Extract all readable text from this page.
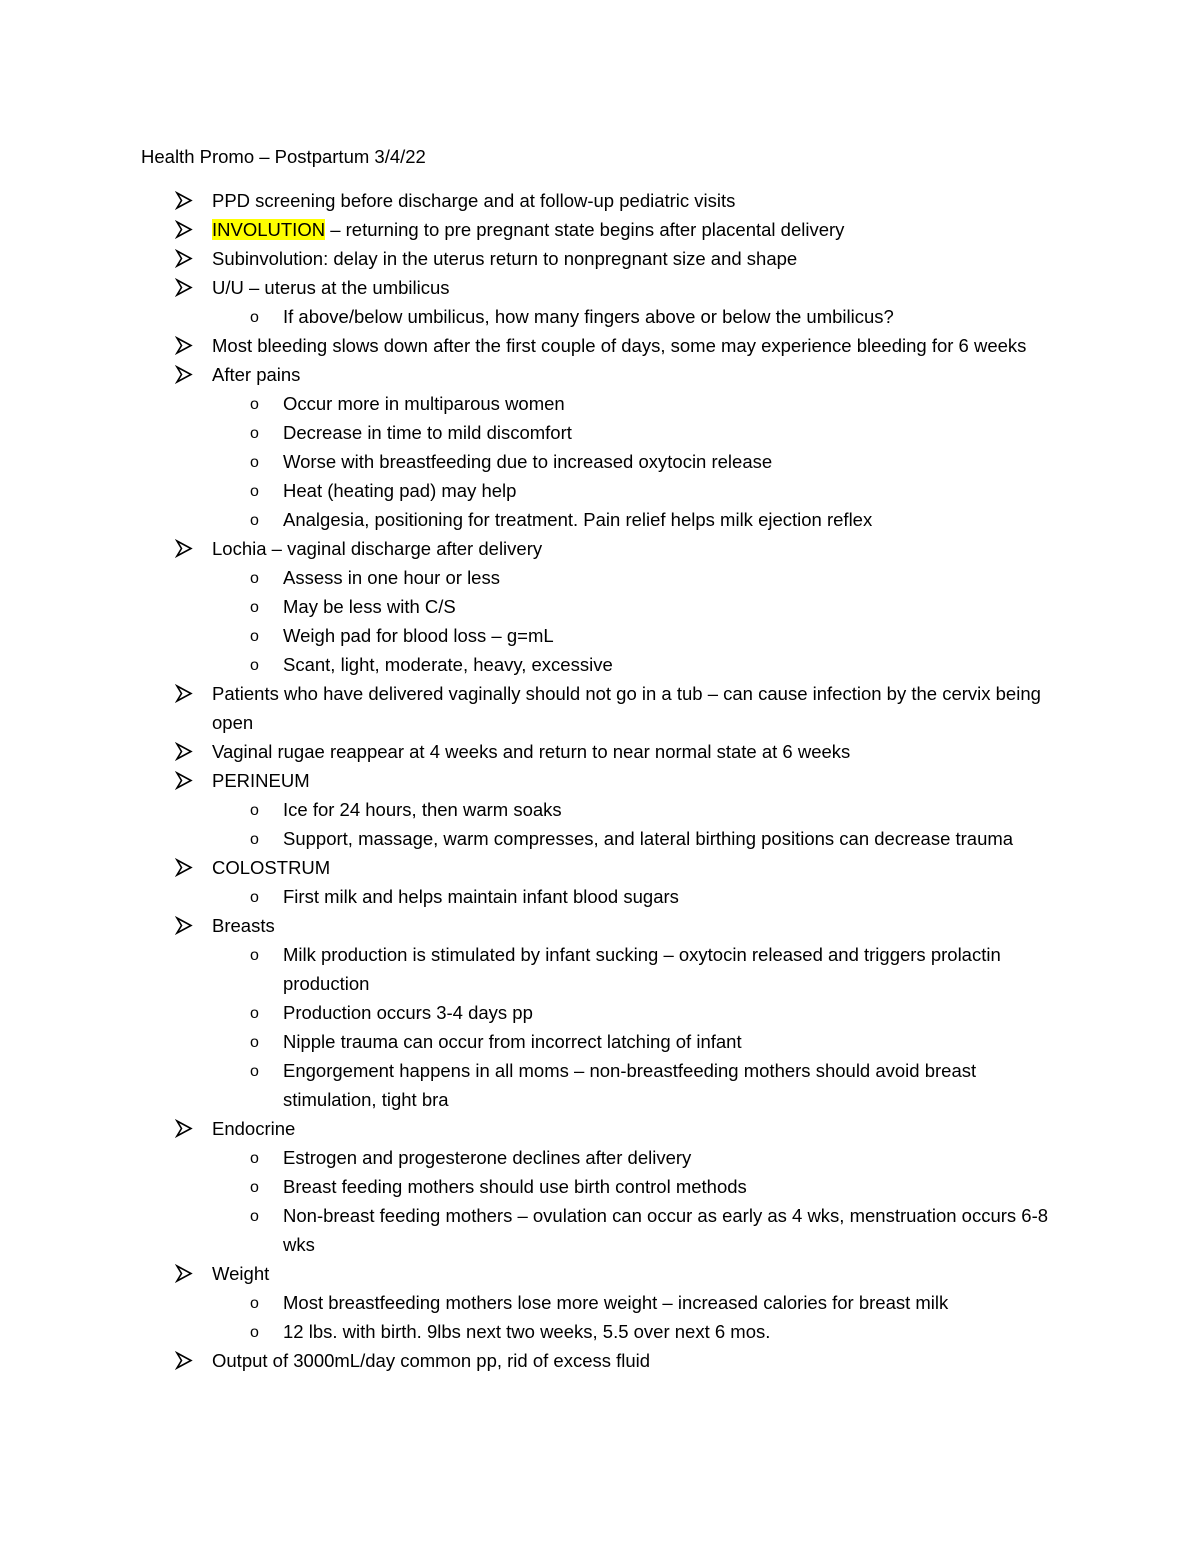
Health Promo – Postpartum 3/4/22
PPD screening before discharge and at follow-up pediatric visits
INVOLUTION – returning to pre pregnant state begins after placental delivery
Subinvolution: delay in the uterus return to nonpregnant size and shape
U/U – uterus at the umbilicus
o If above/below umbilicus, how many fingers above or below the umbilicus?
Most bleeding slows down after the first couple of days, some may experience bleeding for 6 weeks
After pains
o Occur more in multiparous women
o Decrease in time to mild discomfort
o Worse with breastfeeding due to increased oxytocin release
o Heat (heating pad) may help
o Analgesia, positioning for treatment. Pain relief helps milk ejection reflex
Lochia – vaginal discharge after delivery
o Assess in one hour or less
o May be less with C/S
o Weigh pad for blood loss – g=mL
o Scant, light, moderate, heavy, excessive
Patients who have delivered vaginally should not go in a tub – can cause infection by the cervix being open
Vaginal rugae reappear at 4 weeks and return to near normal state at 6 weeks
PERINEUM
o Ice for 24 hours, then warm soaks
o Support, massage, warm compresses, and lateral birthing positions can decrease trauma
COLOSTRUM
o First milk and helps maintain infant blood sugars
Breasts
o Milk production is stimulated by infant sucking – oxytocin released and triggers prolactin production
o Production occurs 3-4 days pp
o Nipple trauma can occur from incorrect latching of infant
o Engorgement happens in all moms – non-breastfeeding mothers should avoid breast stimulation, tight bra
Endocrine
o Estrogen and progesterone declines after delivery
o Breast feeding mothers should use birth control methods
o Non-breast feeding mothers – ovulation can occur as early as 4 wks, menstruation occurs 6-8 wks
Weight
o Most breastfeeding mothers lose more weight – increased calories for breast milk
o 12 lbs. with birth. 9lbs next two weeks, 5.5 over next 6 mos.
Output of 3000mL/day common pp, rid of excess fluid
